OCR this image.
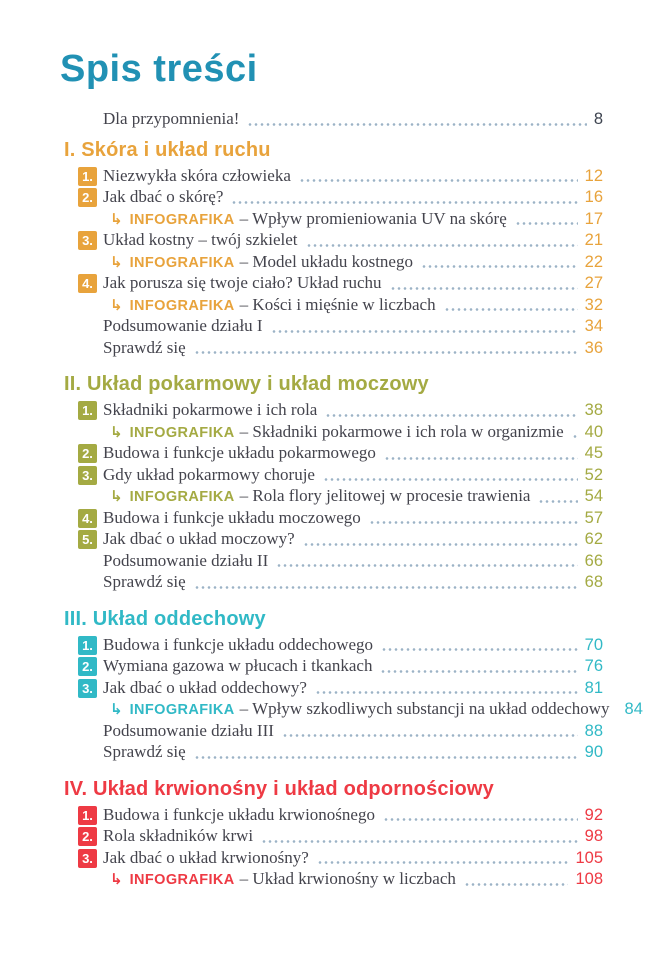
Spis treści
Dla przypomnienia!	8
I. Skóra i układ ruchu
1. Niezwykła skóra człowieka	12
2. Jak dbać o skórę?	16
↳ INFOGRAFIKA – Wpływ promieniowania UV na skórę	17
3. Układ kostny – twój szkielet	21
↳ INFOGRAFIKA – Model układu kostnego	22
4. Jak porusza się twoje ciało? Układ ruchu	27
↳ INFOGRAFIKA – Kości i mięśnie w liczbach	32
Podsumowanie działu I	34
Sprawdź się	36
II. Układ pokarmowy i układ moczowy
1. Składniki pokarmowe i ich rola	38
↳ INFOGRAFIKA – Składniki pokarmowe i ich rola w organizmie 40
2. Budowa i funkcje układu pokarmowego	45
3. Gdy układ pokarmowy choruje	52
↳ INFOGRAFIKA – Rola flory jelitowej w procesie trawienia	54
4. Budowa i funkcje układu moczowego	57
5. Jak dbać o układ moczowy?	62
Podsumowanie działu II	66
Sprawdź się	68
III. Układ oddechowy
1. Budowa i funkcje układu oddechowego	70
2. Wymiana gazowa w płucach i tkankach	76
3. Jak dbać o układ oddechowy?	81
↳ INFOGRAFIKA – Wpływ szkodliwych substancji na układ oddechowy 84
Podsumowanie działu III	88
Sprawdź się	90
IV. Układ krwionośny i układ odpornościowy
1. Budowa i funkcje układu krwionośnego	92
2. Rola składników krwi	98
3. Jak dbać o układ krwionośny?	105
↳ INFOGRAFIKA – Układ krwionośny w liczbach	108
